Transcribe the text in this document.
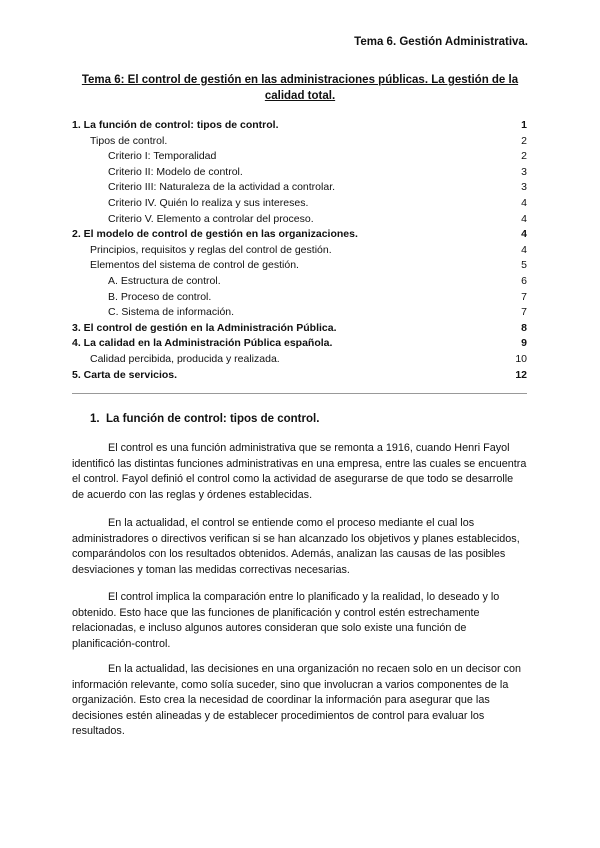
Tema 6. Gestión Administrativa.
Tema 6: El control de gestión en las administraciones públicas. La gestión de la calidad total.
1. La función de control: tipos de control.	1
Tipos de control.	2
Criterio I: Temporalidad	2
Criterio II: Modelo de control.	3
Criterio III: Naturaleza de la actividad a controlar.	3
Criterio IV. Quién lo realiza y sus intereses.	4
Criterio V. Elemento a controlar del proceso.	4
2. El modelo de control de gestión en las organizaciones.	4
Principios, requisitos y reglas del control de gestión.	4
Elementos del sistema de control de gestión.	5
A. Estructura de control.	6
B. Proceso de control.	7
C. Sistema de información.	7
3. El control de gestión en la Administración Pública.	8
4. La calidad en la Administración Pública española.	9
Calidad percibida, producida y realizada.	10
5. Carta de servicios.	12
1. La función de control: tipos de control.

El control es una función administrativa que se remonta a 1916, cuando Henri Fayol identificó las distintas funciones administrativas en una empresa, entre las cuales se encuentra el control. Fayol definió el control como la actividad de asegurarse de que todo se desarrolle de acuerdo con las reglas y órdenes establecidas.

En la actualidad, el control se entiende como el proceso mediante el cual los administradores o directivos verifican si se han alcanzado los objetivos y planes establecidos, comparándolos con los resultados obtenidos. Además, analizan las causas de las posibles desviaciones y toman las medidas correctivas necesarias.

El control implica la comparación entre lo planificado y la realidad, lo deseado y lo obtenido. Esto hace que las funciones de planificación y control estén estrechamente relacionadas, e incluso algunos autores consideran que solo existe una función de planificación-control.

En la actualidad, las decisiones en una organización no recaen solo en un decisor con información relevante, como solía suceder, sino que involucran a varios componentes de la organización. Esto crea la necesidad de coordinar la información para asegurar que las decisiones estén alineadas y de establecer procedimientos de control para evaluar los resultados.
